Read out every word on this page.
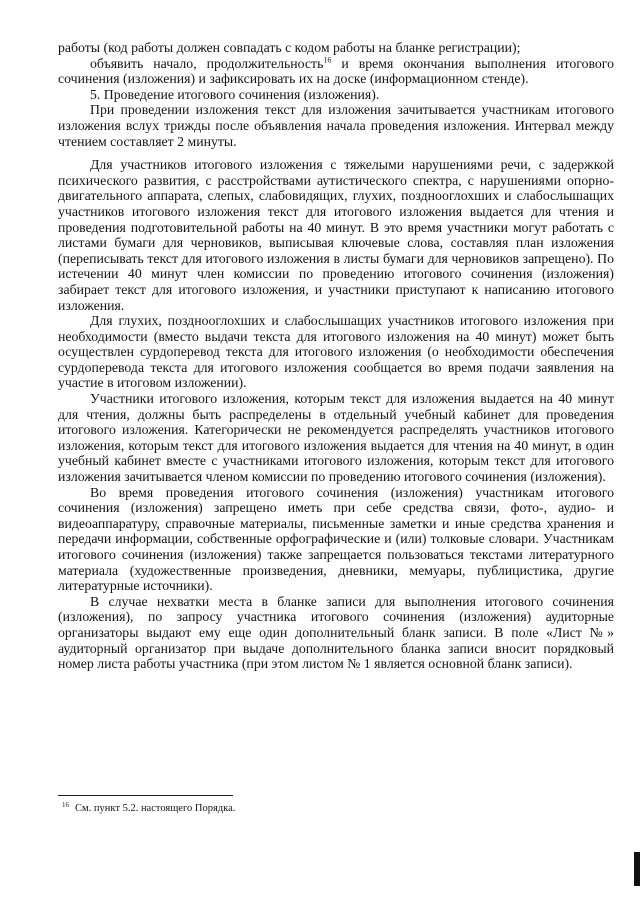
работы (код работы должен совпадать с кодом работы на бланке регистрации);

объявить начало, продолжительность$^{16}$ и время окончания выполнения итогового сочинения (изложения) и зафиксировать их на доске (информационном стенде).

5. Проведение итогового сочинения (изложения).

При проведении изложения текст для изложения зачитывается участникам итогового изложения вслух трижды после объявления начала проведения изложения. Интервал между чтением составляет 2 минуты.

Для участников итогового изложения с тяжелыми нарушениями речи, с задержкой психического развития, с расстройствами аутистического спектра, с нарушениями опорно-двигательного аппарата, слепых, слабовидящих, глухих, позднооглохших и слабослышащих участников итогового изложения текст для итогового изложения выдается для чтения и проведения подготовительной работы на 40 минут. В это время участники могут работать с листами бумаги для черновиков, выписывая ключевые слова, составляя план изложения (переписывать текст для итогового изложения в листы бумаги для черновиков запрещено). По истечении 40 минут член комиссии по проведению итогового сочинения (изложения) забирает текст для итогового изложения, и участники приступают к написанию итогового изложения.

Для глухих, позднооглохших и слабослышащих участников итогового изложения при необходимости (вместо выдачи текста для итогового изложения на 40 минут) может быть осуществлен сурдоперевод текста для итогового изложения (о необходимости обеспечения сурдоперевода текста для итогового изложения сообщается во время подачи заявления на участие в итоговом изложении).

Участники итогового изложения, которым текст для изложения выдается на 40 минут для чтения, должны быть распределены в отдельный учебный кабинет для проведения итогового изложения. Категорически не рекомендуется распределять участников итогового изложения, которым текст для итогового изложения выдается для чтения на 40 минут, в один учебный кабинет вместе с участниками итогового изложения, которым текст для итогового изложения зачитывается членом комиссии по проведению итогового сочинения (изложения).

Во время проведения итогового сочинения (изложения) участникам итогового сочинения (изложения) запрещено иметь при себе средства связи, фото-, аудио- и видеоаппаратуру, справочные материалы, письменные заметки и иные средства хранения и передачи информации, собственные орфографические и (или) толковые словари. Участникам итогового сочинения (изложения) также запрещается пользоваться текстами литературного материала (художественные произведения, дневники, мемуары, публицистика, другие литературные источники).

В случае нехватки места в бланке записи для выполнения итогового сочинения (изложения), по запросу участника итогового сочинения (изложения) аудиторные организаторы выдают ему еще один дополнительный бланк записи. В поле «Лист №» аудиторный организатор при выдаче дополнительного бланка записи вносит порядковый номер листа работы участника (при этом листом № 1 является основной бланк записи).

$^{16}$ См. пункт 5.2. настоящего Порядка.
